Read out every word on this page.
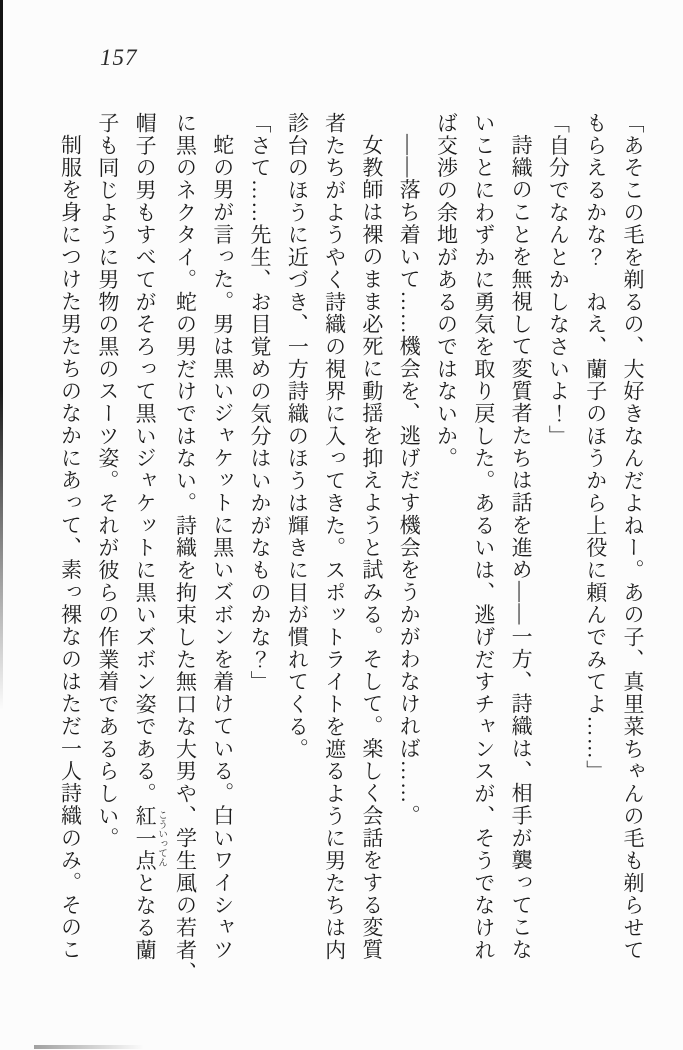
157
「あそこの毛を剃るの、大好きなんだよねー。あの子、真里菜ちゃんの毛も剃らせて
もらえるかな？　ねえ、蘭子のほうから上役に頼んでみてよ……」
「自分でなんとかしなさいよ！」
詩織のことを無視して変質者たちは話を進め――一方、詩織は、相手が襲ってこな
いことにわずかに勇気を取り戻した。あるいは、逃げだすチャンスが、そうでなけれ
ば交渉の余地があるのではないか。
――落ち着いて……機会を、逃げだす機会をうかがわなければ……。
女教師は裸のまま必死に動揺を抑えようと試みる。そして。楽しく会話をする変質
者たちがようやく詩織の視界に入ってきた。スポットライトを遮るように男たちは内
診台のほうに近づき、一方詩織のほうは輝きに目が慣れてくる。
「さて……先生、お目覚めの気分はいかがなものかな？」
蛇の男が言った。男は黒いジャケットに黒いズボンを着けている。白いワイシャツ
に黒のネクタイ。蛇の男だけではない。詩織を拘束した無口な大男や、学生風の若者、
帽子の男もすべてがそろって黒いジャケットに黒いズボン姿である。紅一点 こういってんとなる蘭
子も同じように男物の黒のスーツ姿。それが彼らの作業着であるらしい。
制服を身につけた男たちのなかにあって、素っ裸なのはただ一人詩織のみ。そのこ
